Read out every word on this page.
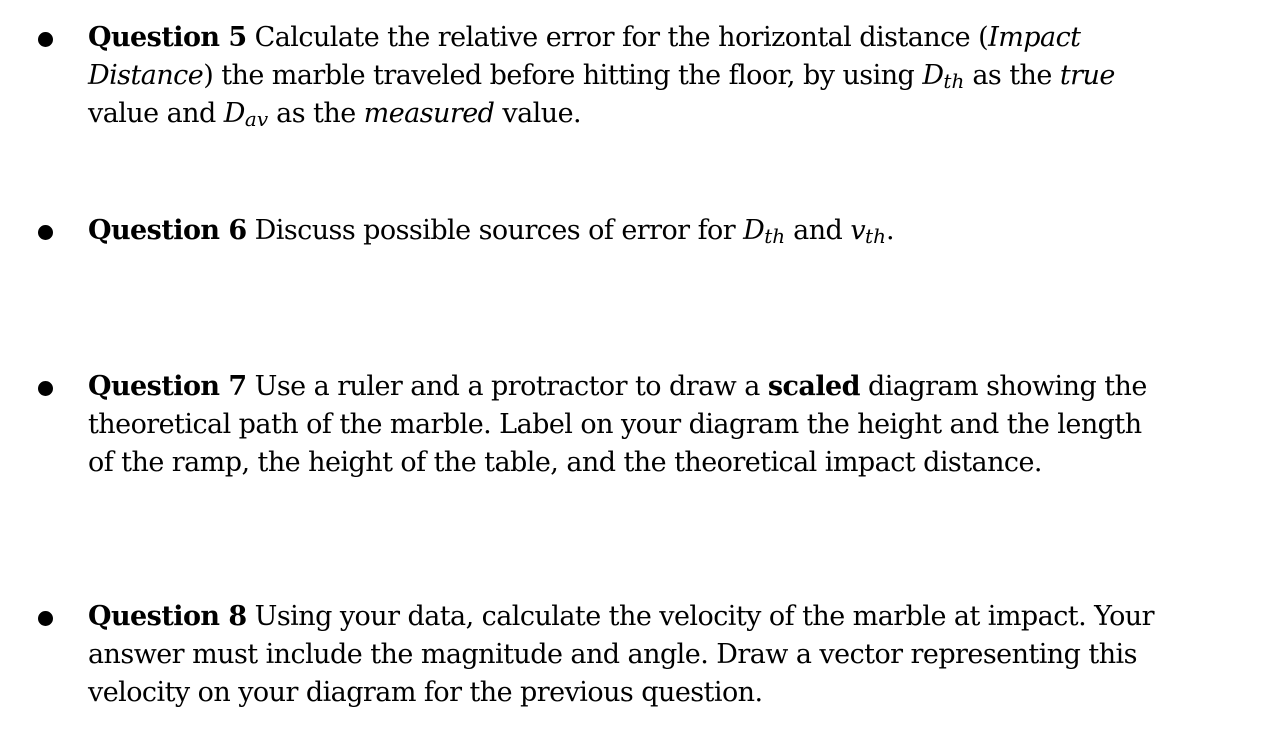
Question 5 Calculate the relative error for the horizontal distance (Impact
Distance) the marble traveled before hitting the floor, by using $D_{th}$ as the true
value and $D_{av}$ as the measured value.
Question 6 Discuss possible sources of error for $D_{th}$ and $v_{th}$.
Question 7 Use a ruler and a protractor to draw a scaled diagram showing the
theoretical path of the marble. Label on your diagram the height and the length
of the ramp, the height of the table, and the theoretical impact distance.
Question 8 Using your data, calculate the velocity of the marble at impact. Your
answer must include the magnitude and angle. Draw a vector representing this
velocity on your diagram for the previous question.
